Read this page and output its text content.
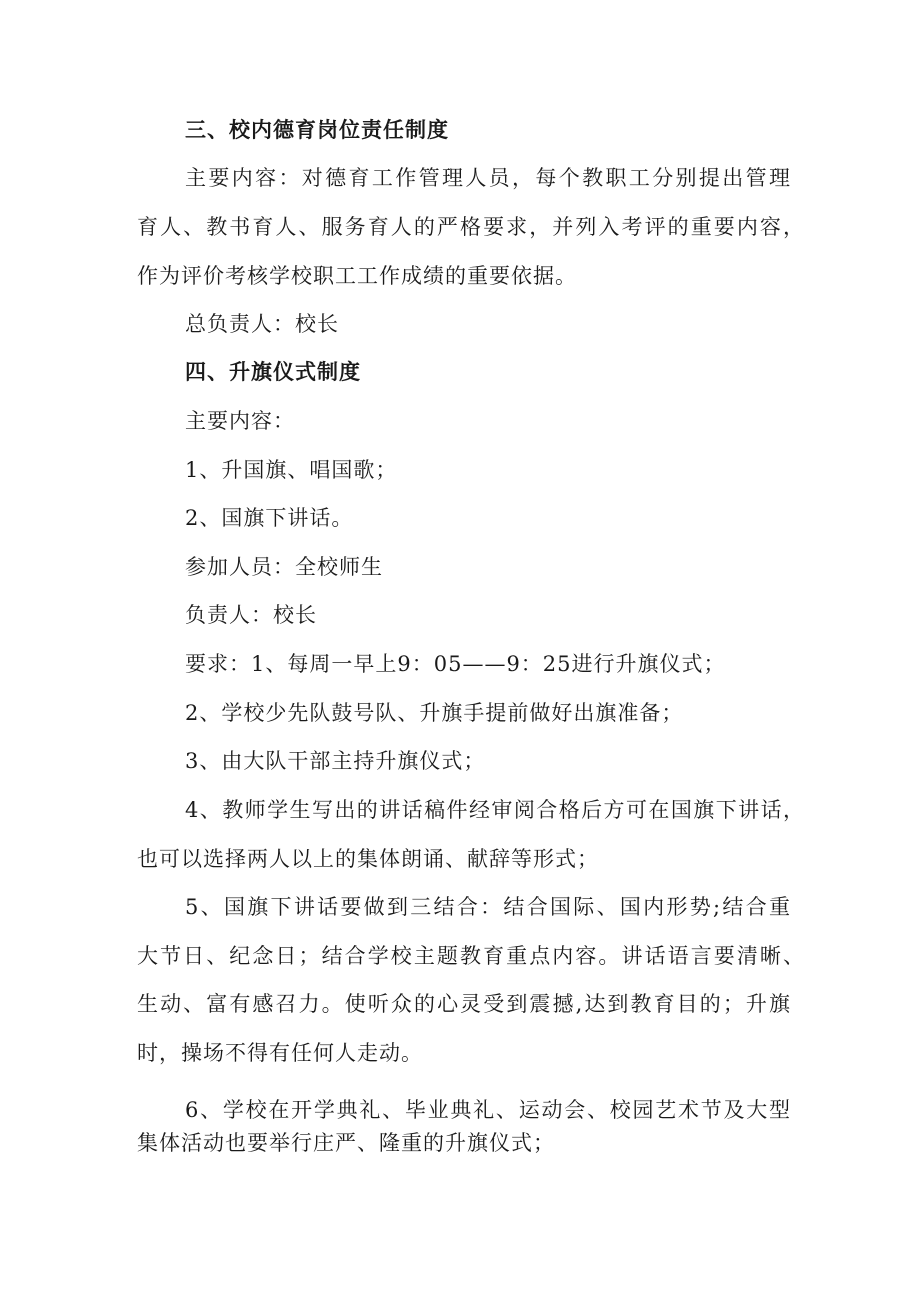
三、校内德育岗位责任制度
主要内容：对德育工作管理人员，每个教职工分别提出管理
育人、教书育人、服务育人的严格要求，并列入考评的重要内容，
作为评价考核学校职工工作成绩的重要依据。
总负责人：校长
四、升旗仪式制度
主要内容：
1、升国旗、唱国歌；
2、国旗下讲话。
参加人员：全校师生
负责人：校长
要求：1、每周一早上9：05——9：25进行升旗仪式；
2、学校少先队鼓号队、升旗手提前做好出旗准备；
3、由大队干部主持升旗仪式；
4、教师学生写出的讲话稿件经审阅合格后方可在国旗下讲话，
也可以选择两人以上的集体朗诵、献辞等形式；
5、国旗下讲话要做到三结合：结合国际、国内形势;结合重
大节日、纪念日；结合学校主题教育重点内容。讲话语言要清晰、
生动、富有感召力。使听众的心灵受到震撼,达到教育目的；升旗
时，操场不得有任何人走动。
6、学校在开学典礼、毕业典礼、运动会、校园艺术节及大型
集体活动也要举行庄严、隆重的升旗仪式；
